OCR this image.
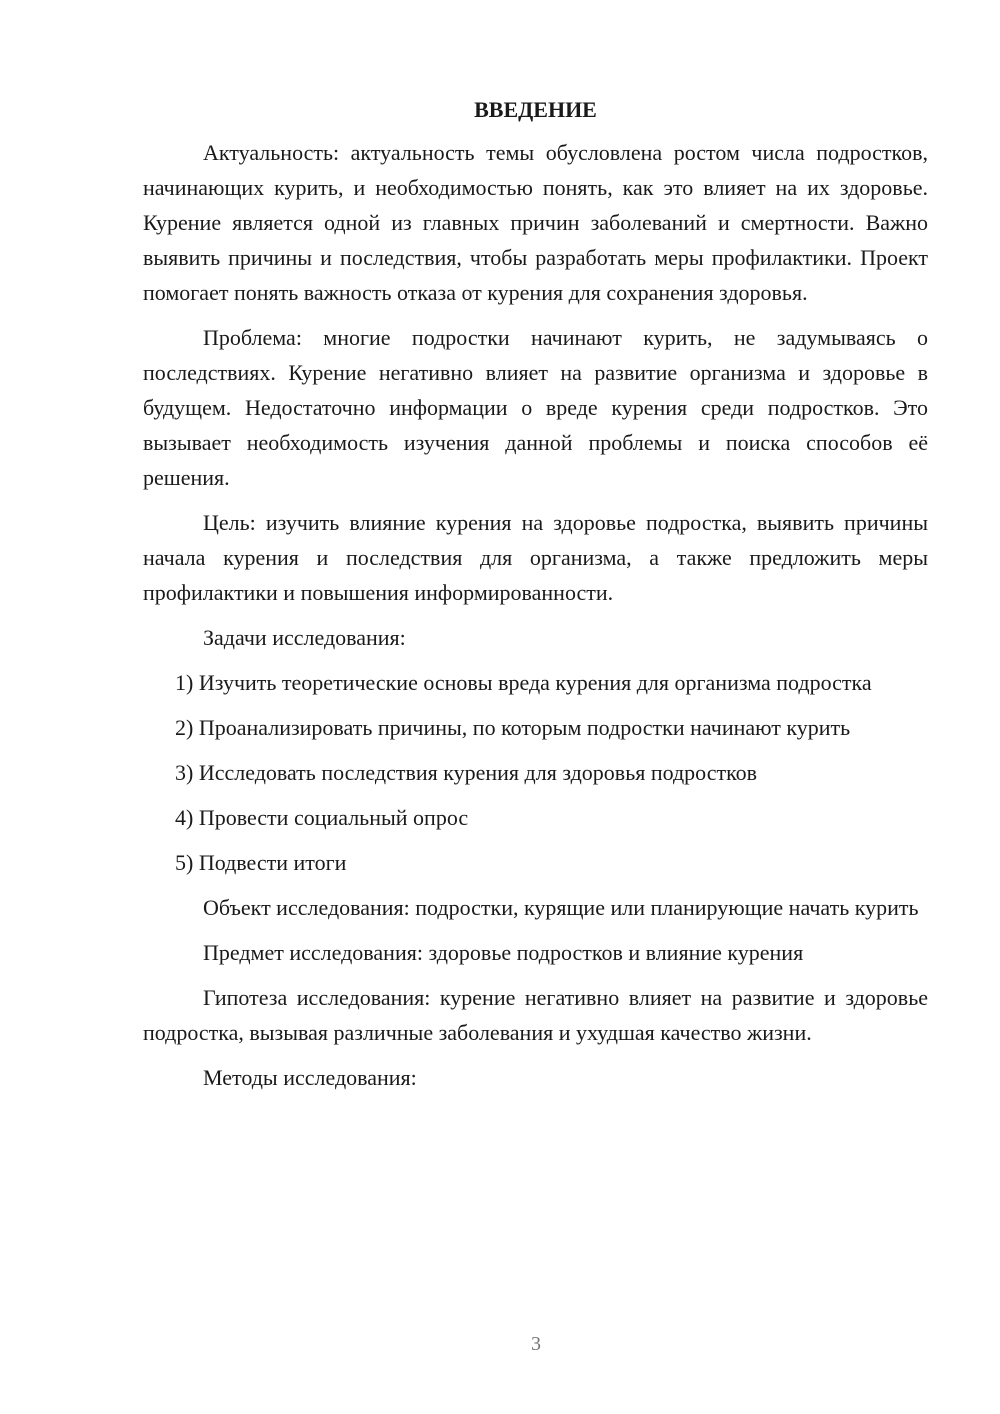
ВВЕДЕНИЕ

Актуальность: актуальность темы обусловлена ростом числа подростков, начинающих курить, и необходимостью понять, как это влияет на их здоровье. Курение является одной из главных причин заболеваний и смертности. Важно выявить причины и последствия, чтобы разработать меры профилактики. Проект помогает понять важность отказа от курения для сохранения здоровья.

Проблема: многие подростки начинают курить, не задумываясь о последствиях. Курение негативно влияет на развитие организма и здоровье в будущем. Недостаточно информации о вреде курения среди подростков. Это вызывает необходимость изучения данной проблемы и поиска способов её решения.

Цель: изучить влияние курения на здоровье подростка, выявить причины начала курения и последствия для организма, а также предложить меры профилактики и повышения информированности.

Задачи исследования:

1) Изучить теоретические основы вреда курения для организма подростка

2) Проанализировать причины, по которым подростки начинают курить

3) Исследовать последствия курения для здоровья подростков

4) Провести социальный опрос

5) Подвести итоги

Объект исследования: подростки, курящие или планирующие начать курить

Предмет исследования: здоровье подростков и влияние курения

Гипотеза исследования: курение негативно влияет на развитие и здоровье подростка, вызывая различные заболевания и ухудшая качество жизни.

Методы исследования:

3
